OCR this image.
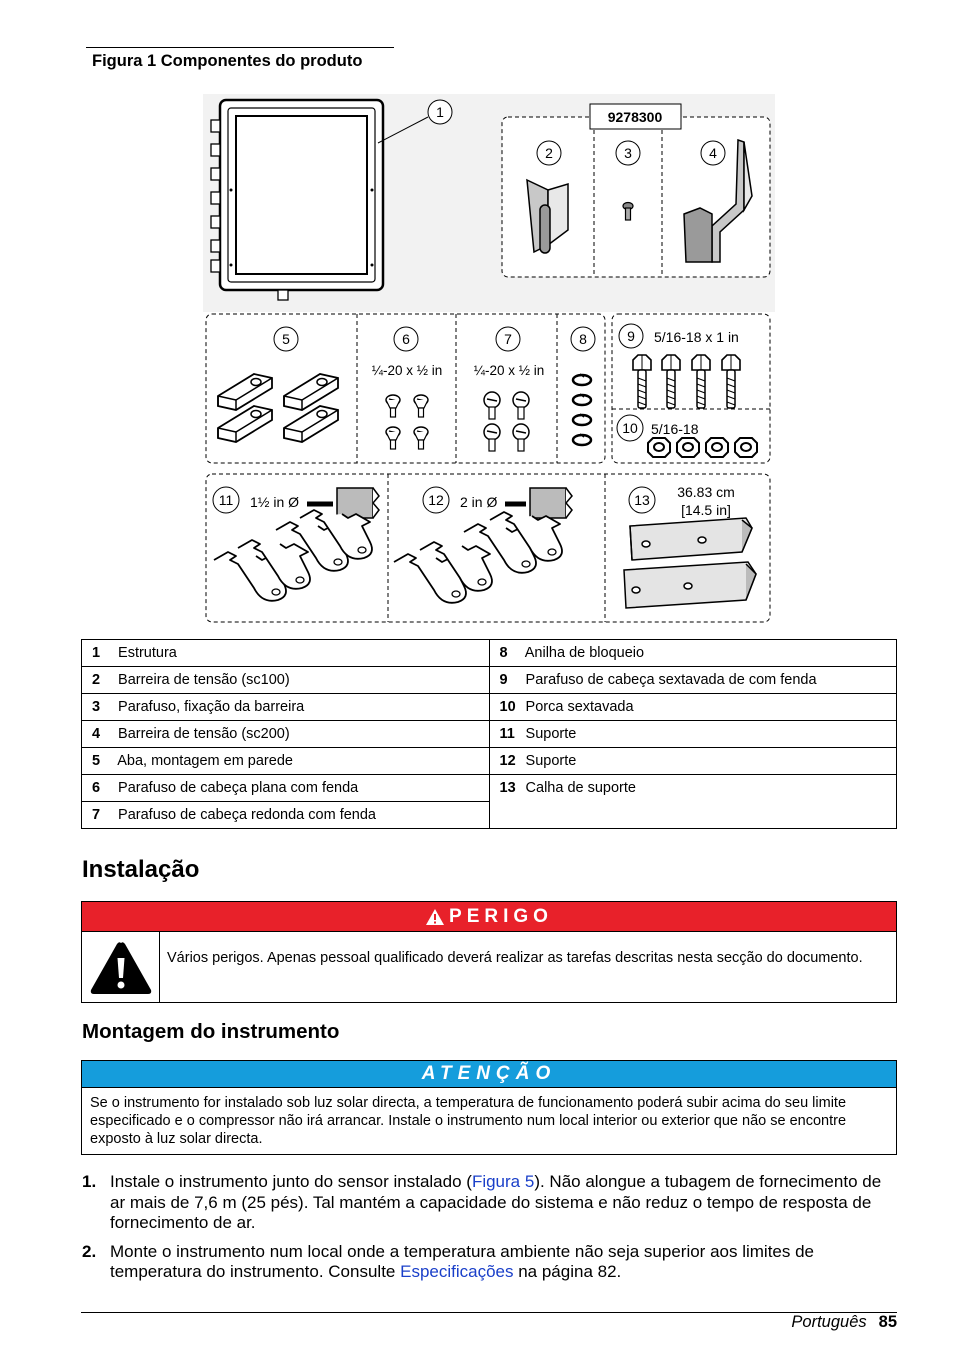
Figura 1 Componentes do produto
1	9278300
2	3	4
5	6
¼-20 x ½ in
7
¼-20 x ½ in
8	9 5/16-18 x 1 in
10 5/16-18
11 1½ in Ø	12 2 in Ø	13 36.83 cm
[14.5 in]
1 Estrutura	8 Anilha de bloqueio
2 Barreira de tensão (sc100)	9 Parafuso de cabeça sextavada de com fenda
3 Parafuso, fixação da barreira	10 Porca sextavada
4 Barreira de tensão (sc200)	11 Suporte
5 Aba, montagem em parede	12 Suporte
6 Parafuso de cabeça plana com fenda	13 Calha de suporte
7 Parafuso de cabeça redonda com fenda	
Instalação
PERIGO
Vários perigos. Apenas pessoal qualificado deverá realizar as tarefas descritas nesta secção do documento.
Montagem do instrumento
ATENÇÃO
Se o instrumento for instalado sob luz solar directa, a temperatura de funcionamento poderá subir acima do seu limite especificado e o compressor não irá arrancar. Instale o instrumento num local interior ou exterior que não se encontre exposto à luz solar directa.
1. Instale o instrumento junto do sensor instalado (Figura 5). Não alongue a tubagem de fornecimento de ar mais de 7,6 m (25 pés). Tal mantém a capacidade do sistema e não reduz o tempo de resposta de fornecimento de ar.
2. Monte o instrumento num local onde a temperatura ambiente não seja superior aos limites de temperatura do instrumento. Consulte Especificações na página 82.
Português 85
